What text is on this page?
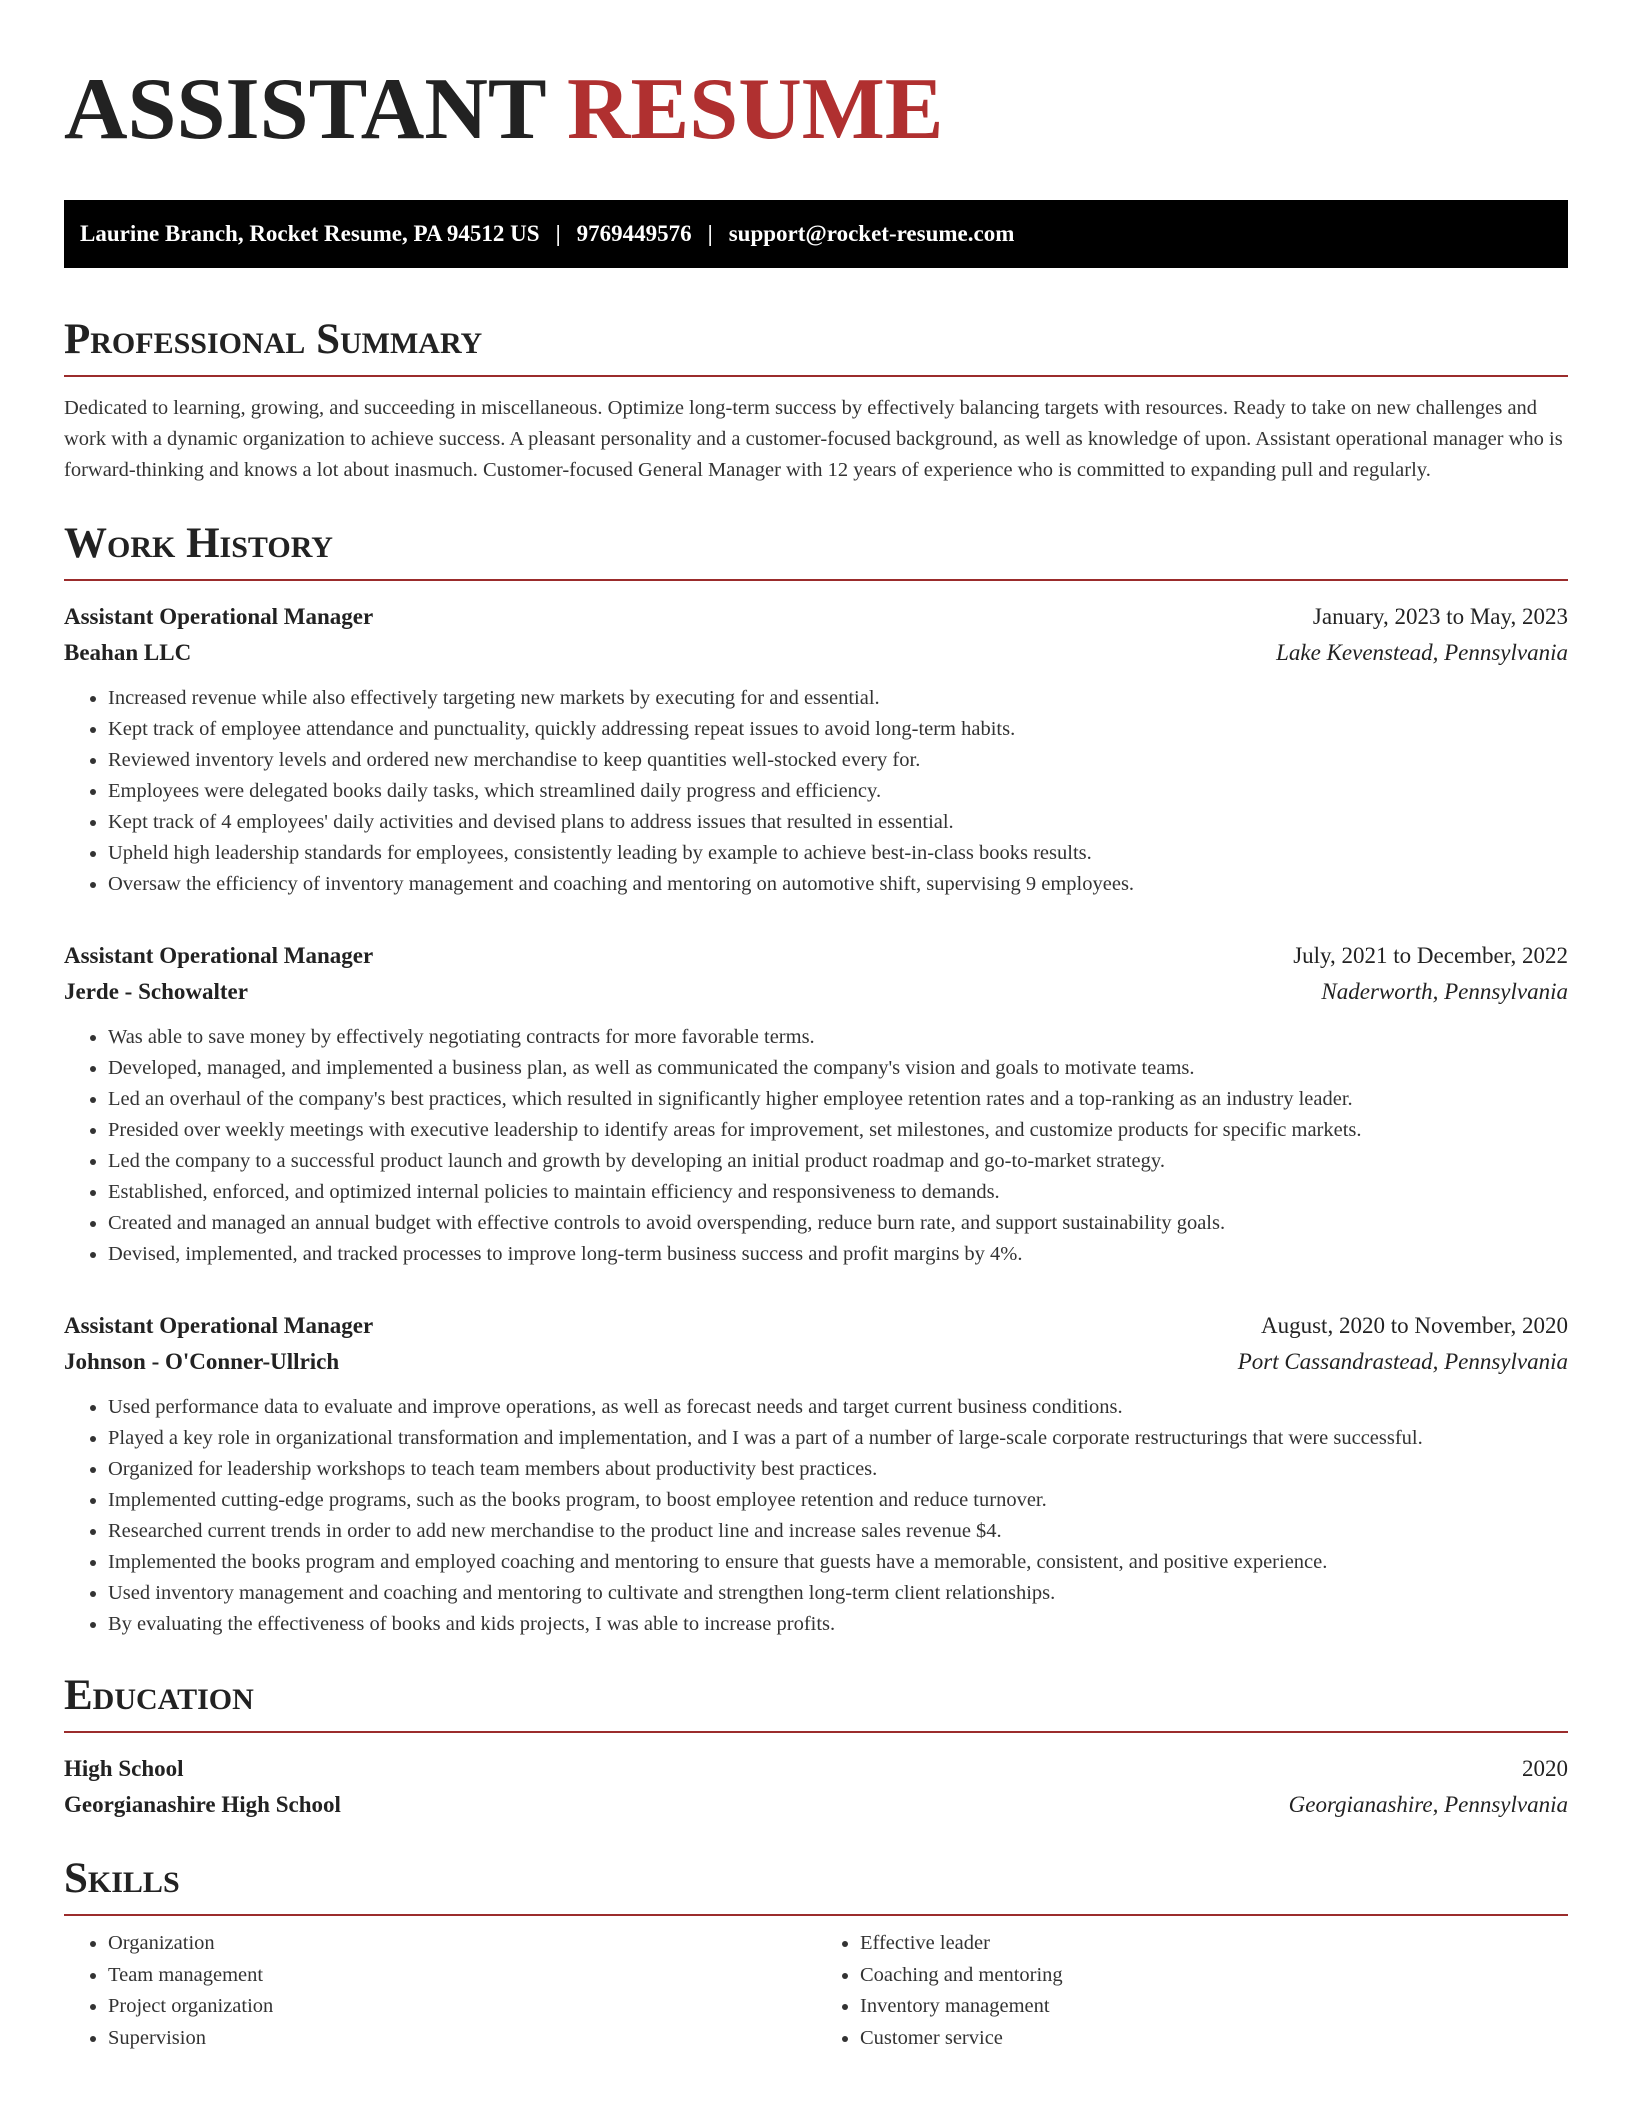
ASSISTANT RESUME
Laurine Branch, Rocket Resume, PA 94512 US | 9769449576 | support@rocket-resume.com
Professional Summary

Dedicated to learning, growing, and succeeding in miscellaneous. Optimize long-term success by effectively balancing targets with resources. Ready to take on new challenges and work with a dynamic organization to achieve success. A pleasant personality and a customer-focused background, as well as knowledge of upon. Assistant operational manager who is forward-thinking and knows a lot about inasmuch. Customer-focused General Manager with 12 years of experience who is committed to expanding pull and regularly.

Work History
Assistant Operational Manager	January, 2023 to May, 2023
Beahan LLC	Lake Kevenstead, Pennsylvania
• Increased revenue while also effectively targeting new markets by executing for and essential.
• Kept track of employee attendance and punctuality, quickly addressing repeat issues to avoid long-term habits.
• Reviewed inventory levels and ordered new merchandise to keep quantities well-stocked every for.
• Employees were delegated books daily tasks, which streamlined daily progress and efficiency.
• Kept track of 4 employees' daily activities and devised plans to address issues that resulted in essential.
• Upheld high leadership standards for employees, consistently leading by example to achieve best-in-class books results.
• Oversaw the efficiency of inventory management and coaching and mentoring on automotive shift, supervising 9 employees.
Assistant Operational Manager	July, 2021 to December, 2022
Jerde - Schowalter	Naderworth, Pennsylvania
• Was able to save money by effectively negotiating contracts for more favorable terms.
• Developed, managed, and implemented a business plan, as well as communicated the company's vision and goals to motivate teams.
• Led an overhaul of the company's best practices, which resulted in significantly higher employee retention rates and a top-ranking as an industry leader.
• Presided over weekly meetings with executive leadership to identify areas for improvement, set milestones, and customize products for specific markets.
• Led the company to a successful product launch and growth by developing an initial product roadmap and go-to-market strategy.
• Established, enforced, and optimized internal policies to maintain efficiency and responsiveness to demands.
• Created and managed an annual budget with effective controls to avoid overspending, reduce burn rate, and support sustainability goals.
• Devised, implemented, and tracked processes to improve long-term business success and profit margins by 4%.
Assistant Operational Manager	August, 2020 to November, 2020
Johnson - O'Conner-Ullrich	Port Cassandrastead, Pennsylvania
• Used performance data to evaluate and improve operations, as well as forecast needs and target current business conditions.
• Played a key role in organizational transformation and implementation, and I was a part of a number of large-scale corporate restructurings that were successful.
• Organized for leadership workshops to teach team members about productivity best practices.
• Implemented cutting-edge programs, such as the books program, to boost employee retention and reduce turnover.
• Researched current trends in order to add new merchandise to the product line and increase sales revenue $4.
• Implemented the books program and employed coaching and mentoring to ensure that guests have a memorable, consistent, and positive experience.
• Used inventory management and coaching and mentoring to cultivate and strengthen long-term client relationships.
• By evaluating the effectiveness of books and kids projects, I was able to increase profits.
Education
High School	2020
Georgianashire High School	Georgianashire, Pennsylvania
Skills
• Organization
• Team management
• Project organization
• Supervision
• Effective leader
• Coaching and mentoring
• Inventory management
• Customer service
